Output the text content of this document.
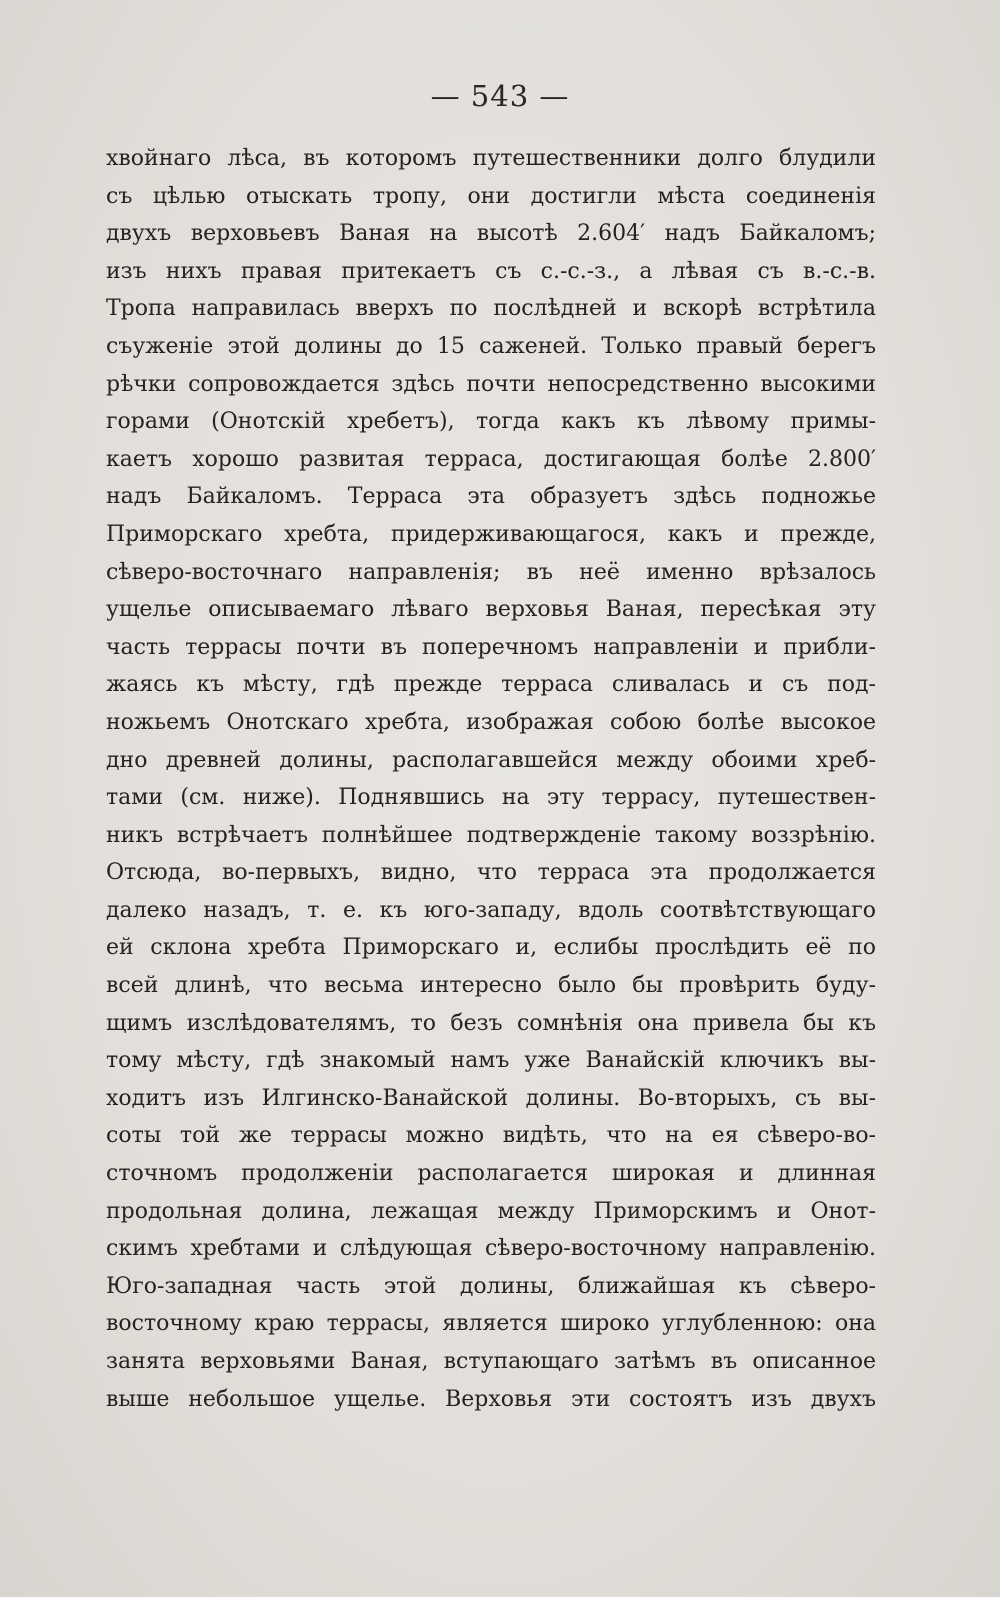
— 543 —
хвойнаго лѣса, въ которомъ путешественники долго блудили
съ цѣлью отыскать тропу, они достигли мѣста соединенія
двухъ верховьевъ Ваная на высотѣ 2.604′ надъ Байкаломъ;
изъ нихъ правая притекаетъ съ с.-с.-з., а лѣвая съ в.-с.-в.
Тропа направилась вверхъ по послѣдней и вскорѣ встрѣтила
съуженіе этой долины до 15 саженей. Только правый берегъ
рѣчки сопровождается здѣсь почти непосредственно высокими
горами (Онотскій хребетъ), тогда какъ къ лѣвому примы-
каетъ хорошо развитая терраса, достигающая болѣе 2.800′
надъ Байкаломъ. Терраса эта образуетъ здѣсь подножье
Приморскаго хребта, придерживающагося, какъ и прежде,
сѣверо-восточнаго направленія; въ неё именно врѣзалось
ущелье описываемаго лѣваго верховья Ваная, пересѣкая эту
часть террасы почти въ поперечномъ направленіи и прибли-
жаясь къ мѣсту, гдѣ прежде терраса сливалась и съ под-
ножьемъ Онотскаго хребта, изображая собою болѣе высокое
дно древней долины, располагавшейся между обоими хреб-
тами (см. ниже). Поднявшись на эту террасу, путешествен-
никъ встрѣчаетъ полнѣйшее подтвержденіе такому воззрѣнію.
Отсюда, во-первыхъ, видно, что терраса эта продолжается
далеко назадъ, т. е. къ юго-западу, вдоль соотвѣтствующаго
ей склона хребта Приморскаго и, еслибы прослѣдить её по
всей длинѣ, что весьма интересно было бы провѣрить буду-
щимъ изслѣдователямъ, то безъ сомнѣнія она привела бы къ
тому мѣсту, гдѣ знакомый намъ уже Ванайскій ключикъ вы-
ходитъ изъ Илгинско-Ванайской долины. Во-вторыхъ, съ вы-
соты той же террасы можно видѣть, что на ея сѣверо-во-
сточномъ продолженіи располагается широкая и длинная
продольная долина, лежащая между Приморскимъ и Онот-
скимъ хребтами и слѣдующая сѣверо-восточному направленію.
Юго-западная часть этой долины, ближайшая къ сѣверо-
восточному краю террасы, является широко углубленною: она
занята верховьями Ваная, вступающаго затѣмъ въ описанное
выше небольшое ущелье. Верховья эти состоятъ изъ двухъ
